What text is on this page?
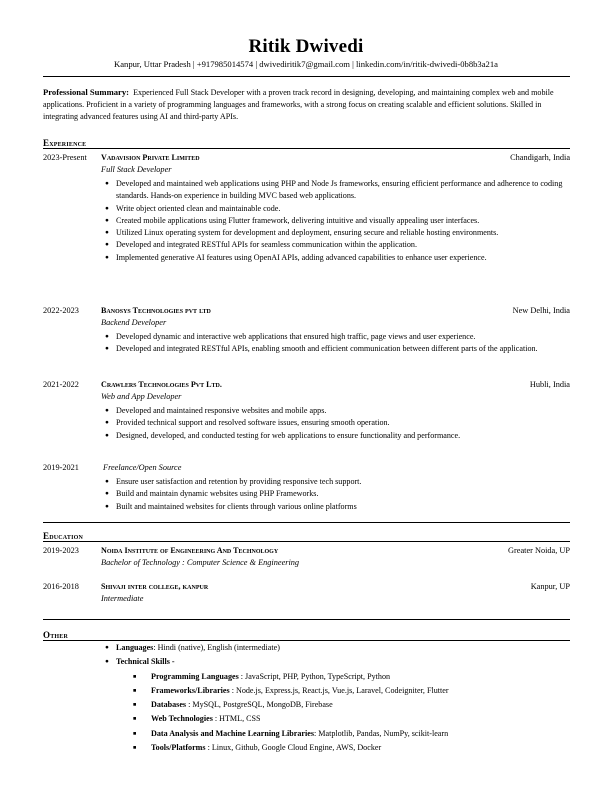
Ritik Dwivedi
Kanpur, Uttar Pradesh | +917985014574 | dwivediritik7@gmail.com | linkedin.com/in/ritik-dwivedi-0b8b3a21a
Professional Summary: Experienced Full Stack Developer with a proven track record in designing, developing, and maintaining complex web and mobile applications. Proficient in a variety of programming languages and frameworks, with a strong focus on creating scalable and efficient solutions. Skilled in integrating advanced features using AI and third-party APIs.
Experience
2023-Present Vadavision Private Limited	Chandigarh, India
Full Stack Developer
● Developed and maintained web applications using PHP and Node Js frameworks, ensuring efficient performance and adherence to coding standards. Hands-on experience in building MVC based web applications.
● Write object oriented clean and maintainable code.
● Created mobile applications using Flutter framework, delivering intuitive and visually appealing user interfaces.
● Utilized Linux operating system for development and deployment, ensuring secure and reliable hosting environments.
● Developed and integrated RESTful APIs for seamless communication within the application.
● Implemented generative AI features using OpenAI APIs, adding advanced capabilities to enhance user experience.
2022-2023	Banosys Technologies pvt ltd	New Delhi, India
Backend Developer
● Developed dynamic and interactive web applications that ensured high traffic, page views and user experience.
● Developed and integrated RESTful APIs, enabling smooth and efficient communication between different parts of the application.
2021-2022	Crawlers Technologies Pvt Ltd.	Hubli, India
Web and App Developer
● Developed and maintained responsive websites and mobile apps.
● Provided technical support and resolved software issues, ensuring smooth operation.
● Designed, developed, and conducted testing for web applications to ensure functionality and performance.
2019-2021	Freelance/Open Source
● Ensure user satisfaction and retention by providing responsive tech support.
● Build and maintain dynamic websites using PHP Frameworks.
● Built and maintained websites for clients through various online platforms
Education
2019-2023	Noida Institute of Engineering And Technology	Greater Noida, UP
Bachelor of Technology : Computer Science & Engineering
2016-2018	Shivaji inter college, kanpur	Kanpur, UP
Intermediate
Other
● Languages: Hindi (native), English (intermediate)
● Technical Skills -
■ Programming Languages : JavaScript, PHP, Python, TypeScript, Python
■ Frameworks/Libraries : Node.js, Express.js, React.js, Vue.js, Laravel, Codeigniter, Flutter
■ Databases : MySQL, PostgreSQL, MongoDB, Firebase
■ Web Technologies : HTML, CSS
■ Data Analysis and Machine Learning Libraries: Matplotlib, Pandas, NumPy, scikit-learn
■ Tools/Platforms : Linux, Github, Google Cloud Engine, AWS, Docker
